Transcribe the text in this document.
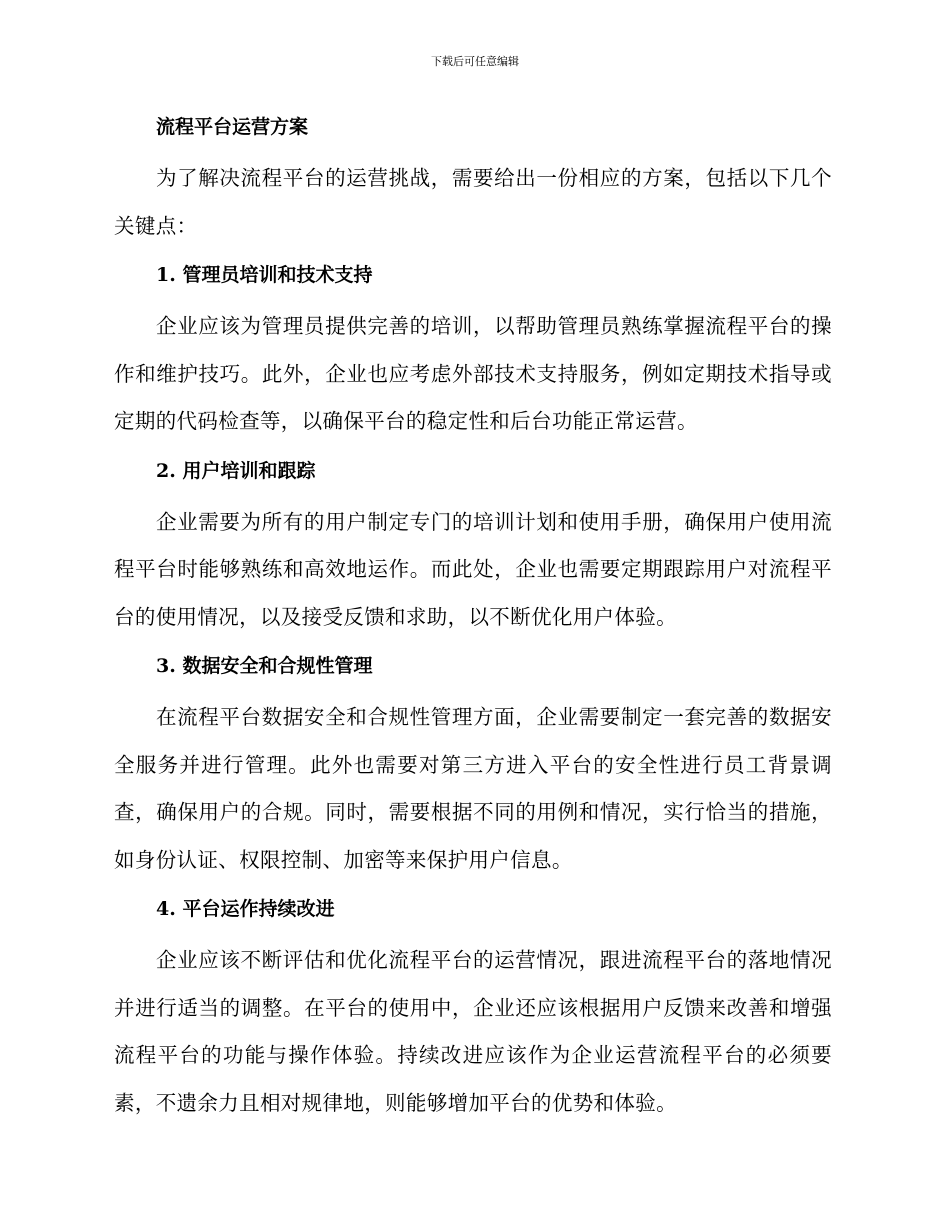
下载后可任意编辑
流程平台运营方案

为了解决流程平台的运营挑战，需要给出一份相应的方案，包括以下几个关键点：

1. 管理员培训和技术支持

企业应该为管理员提供完善的培训，以帮助管理员熟练掌握流程平台的操作和维护技巧。此外，企业也应考虑外部技术支持服务，例如定期技术指导或定期的代码检查等，以确保平台的稳定性和后台功能正常运营。

2. 用户培训和跟踪

企业需要为所有的用户制定专门的培训计划和使用手册，确保用户使用流程平台时能够熟练和高效地运作。而此处，企业也需要定期跟踪用户对流程平台的使用情况，以及接受反馈和求助，以不断优化用户体验。

3. 数据安全和合规性管理

在流程平台数据安全和合规性管理方面，企业需要制定一套完善的数据安全服务并进行管理。此外也需要对第三方进入平台的安全性进行员工背景调查，确保用户的合规。同时，需要根据不同的用例和情况，实行恰当的措施，如身份认证、权限控制、加密等来保护用户信息。

4. 平台运作持续改进

企业应该不断评估和优化流程平台的运营情况，跟进流程平台的落地情况并进行适当的调整。在平台的使用中，企业还应该根据用户反馈来改善和增强流程平台的功能与操作体验。持续改进应该作为企业运营流程平台的必须要素，不遗余力且相对规律地，则能够增加平台的优势和体验。
